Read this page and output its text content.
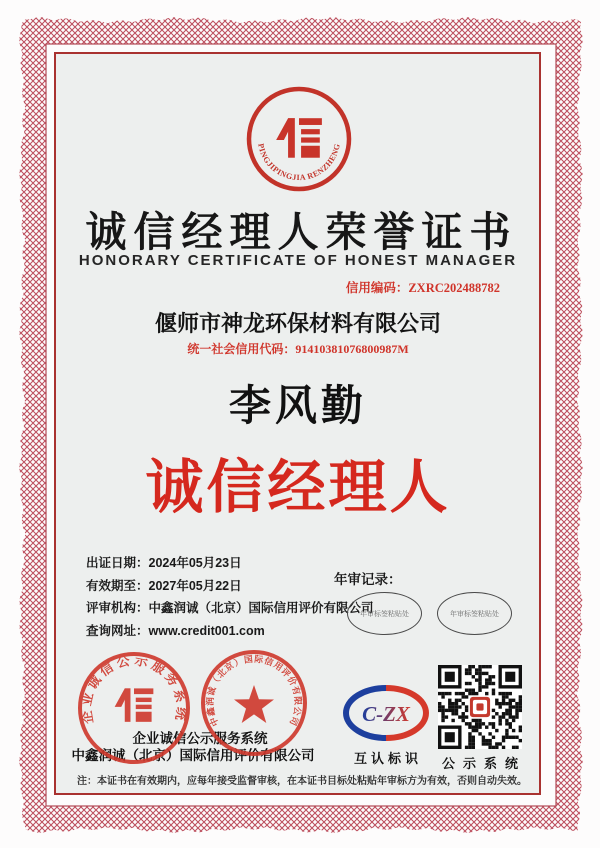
PINGJIPINGJIA RENZHENG
诚信经理人荣誉证书
HONORARY CERTIFICATE OF HONEST MANAGER
信用编码：ZXRC202488782
偃师市神龙环保材料有限公司
统一社会信用代码：91410381076800987M
李风勤
诚信经理人
出证日期：2024年05月23日
有效期至：2027年05月22日
评审机构：中鑫润诚（北京）国际信用评价有限公司
查询网址：www.credit001.com
年审记录：
年审标签粘贴处	年审标签粘贴处
企业诚信公示服务系统
中鑫润诚（北京）国际信用评价有限公司
企业诚信公示服务系统	中鑫润诚（北京）国际信用评价有限公司	C-ZX
互认标识	公示系统
注：本证书在有效期内，应每年接受监督审核，在本证书目标处粘贴年审标方为有效，否则自动失效。
